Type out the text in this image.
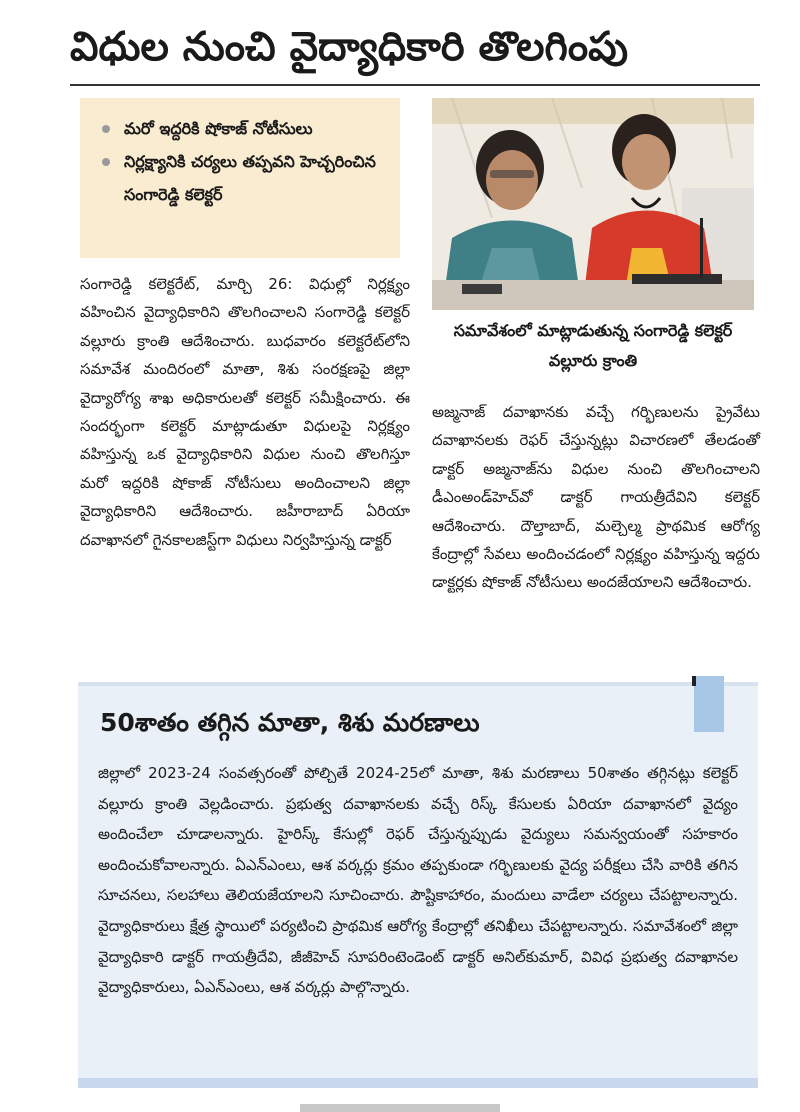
విధుల నుంచి వైద్యాధికారి తొలగింపు
మరో ఇద్దరికి షోకాజ్ నోటీసులు
నిర్లక్ష్యానికి చర్యలు తప్పవని హెచ్చరించిన సంగారెడ్డి కలెక్టర్
సమావేశంలో మాట్లాడుతున్న సంగారెడ్డి కలెక్టర్ వల్లూరు క్రాంతి
సంగారెడ్డి కలెక్టరేట్, మార్చి 26: విధుల్లో నిర్లక్ష్యం వహించిన వైద్యాధికారిని తొలగించాలని సంగారెడ్డి కలెక్టర్ వల్లూరు క్రాంతి ఆదేశించారు. బుధవారం కలెక్టరేట్‌లోని సమావేశ మందిరంలో మాతా, శిశు సంరక్షణపై జిల్లా వైద్యారోగ్య శాఖ అధికారులతో కలెక్టర్ సమీక్షించారు. ఈ సందర్భంగా కలెక్టర్ మాట్లాడుతూ విధులపై నిర్లక్ష్యం వహిస్తున్న ఒక వైద్యాధికారిని విధుల నుంచి తొలగిస్తూ మరో ఇద్దరికి షోకాజ్ నోటీసులు అందించాలని జిల్లా వైద్యాధికారిని ఆదేశించారు. జహీరాబాద్ ఏరియా దవాఖానలో గైనకాలజిస్ట్‌గా విధులు నిర్వహిస్తున్న డాక్టర్
అజ్మనాజ్ దవాఖానకు వచ్చే గర్భిణులను ప్రైవేటు దవాఖానలకు రెఫర్ చేస్తున్నట్లు విచారణలో తేలడంతో డాక్టర్ అజ్మనాజ్‌ను విధుల నుంచి తొలగించాలని డీఎంఅండ్‌హెచ్‌వో డాక్టర్ గాయత్రీదేవిని కలెక్టర్ ఆదేశించారు. దౌల్తాబాద్, మల్చెల్మ ప్రాథమిక ఆరోగ్య కేంద్రాల్లో సేవలు అందించడంలో నిర్లక్ష్యం వహిస్తున్న ఇద్దరు డాక్టర్లకు షోకాజ్ నోటీసులు అందజేయాలని ఆదేశించారు.
50శాతం తగ్గిన మాతా, శిశు మరణాలు
జిల్లాలో 2023-24 సంవత్సరంతో పోల్చితే 2024-25లో మాతా, శిశు మరణాలు 50శాతం తగ్గినట్లు కలెక్టర్ వల్లూరు క్రాంతి వెల్లడించారు. ప్రభుత్వ దవాఖానలకు వచ్చే రిస్క్ కేసులకు ఏరియా దవాఖానలో వైద్యం అందించేలా చూడాలన్నారు. హైరిస్క్ కేసుల్లో రెఫర్ చేస్తున్నప్పుడు వైద్యులు సమన్వయంతో సహకారం అందించుకోవాలన్నారు. ఏఎన్‌ఎంలు, ఆశ వర్కర్లు క్రమం తప్పకుండా గర్భిణులకు వైద్య పరీక్షలు చేసి వారికి తగిన సూచనలు, సలహాలు తెలియజేయాలని సూచించారు. పౌష్టికాహారం, మందులు వాడేలా చర్యలు చేపట్టాలన్నారు. వైద్యాధికారులు క్షేత్ర స్థాయిలో పర్యటించి ప్రాథమిక ఆరోగ్య కేంద్రాల్లో తనిఖీలు చేపట్టాలన్నారు. సమావేశంలో జిల్లా వైద్యాధికారి డాక్టర్ గాయత్రీదేవి, జీజీహెచ్ సూపరింటెండెంట్ డాక్టర్ అనిల్‌కుమార్, వివిధ ప్రభుత్వ దవాఖానల వైద్యాధికారులు, ఏఎన్‌ఎంలు, ఆశ వర్కర్లు పాల్గొన్నారు.
